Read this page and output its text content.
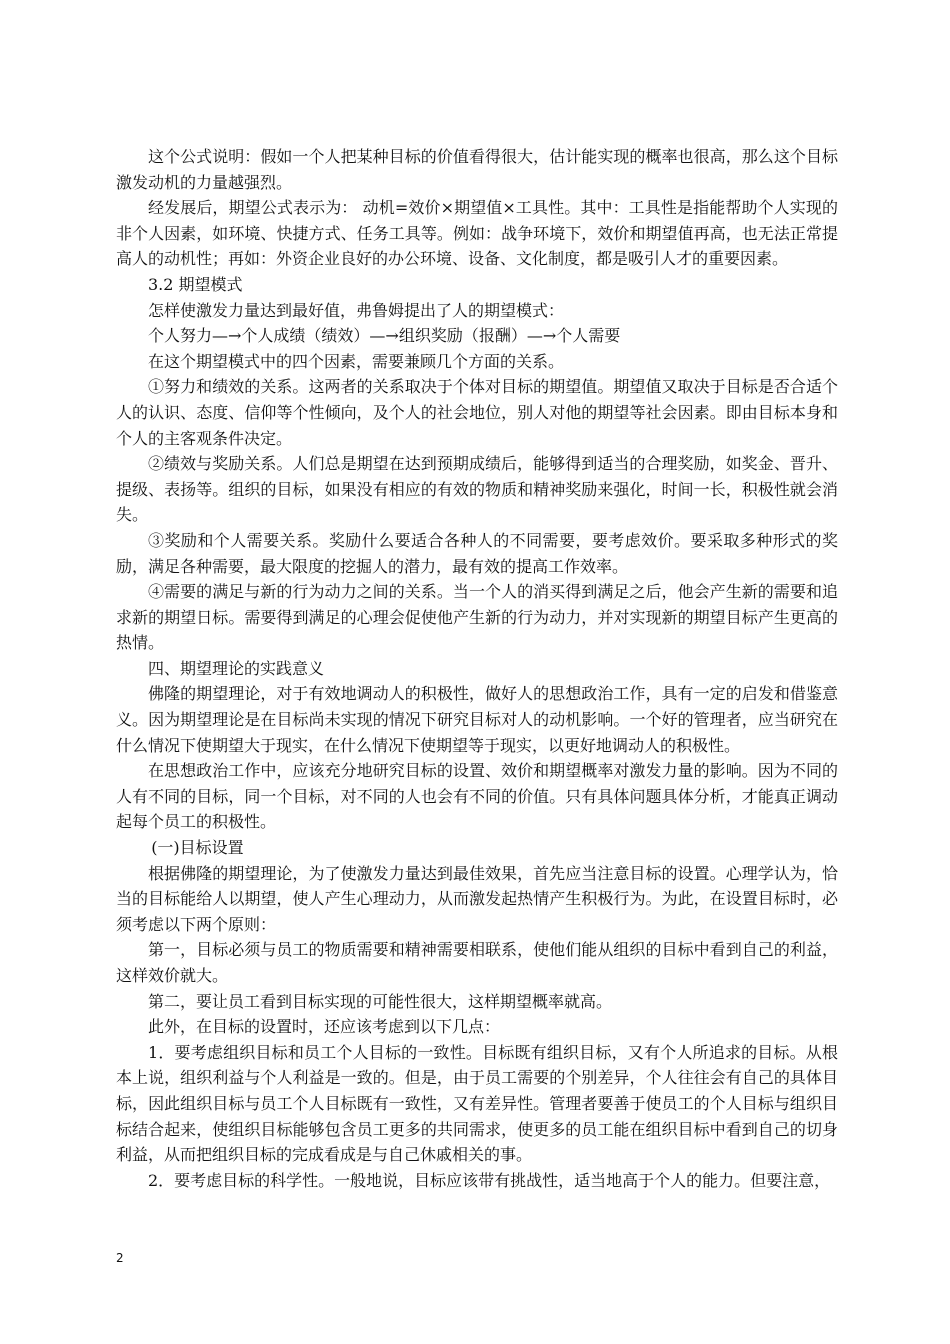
这个公式说明：假如一个人把某种目标的价值看得很大，估计能实现的概率也很高，那么这个目标激发动机的力量越强烈。

经发展后，期望公式表示为： 动机=效价×期望值×工具性。其中：工具性是指能帮助个人实现的非个人因素，如环境、快捷方式、任务工具等。例如：战争环境下，效价和期望值再高，也无法正常提高人的动机性；再如：外资企业良好的办公环境、设备、文化制度，都是吸引人才的重要因素。

3.2 期望模式

怎样使激发力量达到最好值，弗鲁姆提出了人的期望模式：

个人努力—→个人成绩（绩效）—→组织奖励（报酬）—→个人需要

在这个期望模式中的四个因素，需要兼顾几个方面的关系。

①努力和绩效的关系。这两者的关系取决于个体对目标的期望值。期望值又取决于目标是否合适个人的认识、态度、信仰等个性倾向，及个人的社会地位，别人对他的期望等社会因素。即由目标本身和个人的主客观条件决定。

②绩效与奖励关系。人们总是期望在达到预期成绩后，能够得到适当的合理奖励，如奖金、晋升、提级、表扬等。组织的目标，如果没有相应的有效的物质和精神奖励来强化，时间一长，积极性就会消失。

③奖励和个人需要关系。奖励什么要适合各种人的不同需要，要考虑效价。要采取多种形式的奖励，满足各种需要，最大限度的挖掘人的潜力，最有效的提高工作效率。

④需要的满足与新的行为动力之间的关系。当一个人的消买得到满足之后，他会产生新的需要和追求新的期望日标。需要得到满足的心理会促使他产生新的行为动力，并对实现新的期望目标产生更高的热情。

四、期望理论的实践意义

佛隆的期望理论，对于有效地调动人的积极性，做好人的思想政治工作，具有一定的启发和借鉴意义。因为期望理论是在目标尚未实现的情况下研究目标对人的动机影响。一个好的管理者，应当研究在什么情况下使期望大于现实，在什么情况下使期望等于现实，以更好地调动人的积极性。

在思想政治工作中，应该充分地研究目标的设置、效价和期望概率对激发力量的影响。因为不同的人有不同的目标，同一个目标，对不同的人也会有不同的价值。只有具体问题具体分析，才能真正调动起每个员工的积极性。

(一)目标设置

根据佛隆的期望理论，为了使激发力量达到最佳效果，首先应当注意目标的设置。心理学认为，恰当的目标能给人以期望，使人产生心理动力，从而激发起热情产生积极行为。为此，在设置目标时，必须考虑以下两个原则：

第一，目标必须与员工的物质需要和精神需要相联系，使他们能从组织的目标中看到自己的利益，这样效价就大。

第二，要让员工看到目标实现的可能性很大，这样期望概率就高。

此外，在目标的设置时，还应该考虑到以下几点：

1．要考虑组织目标和员工个人目标的一致性。目标既有组织目标，又有个人所追求的目标。从根本上说，组织利益与个人利益是一致的。但是，由于员工需要的个别差异，个人往往会有自己的具体目标，因此组织目标与员工个人目标既有一致性，又有差异性。管理者要善于使员工的个人目标与组织目标结合起来，使组织目标能够包含员工更多的共同需求，使更多的员工能在组织目标中看到自己的切身利益，从而把组织目标的完成看成是与自己休戚相关的事。

2．要考虑目标的科学性。一般地说，目标应该带有挑战性，适当地高于个人的能力。但要注意，

2
